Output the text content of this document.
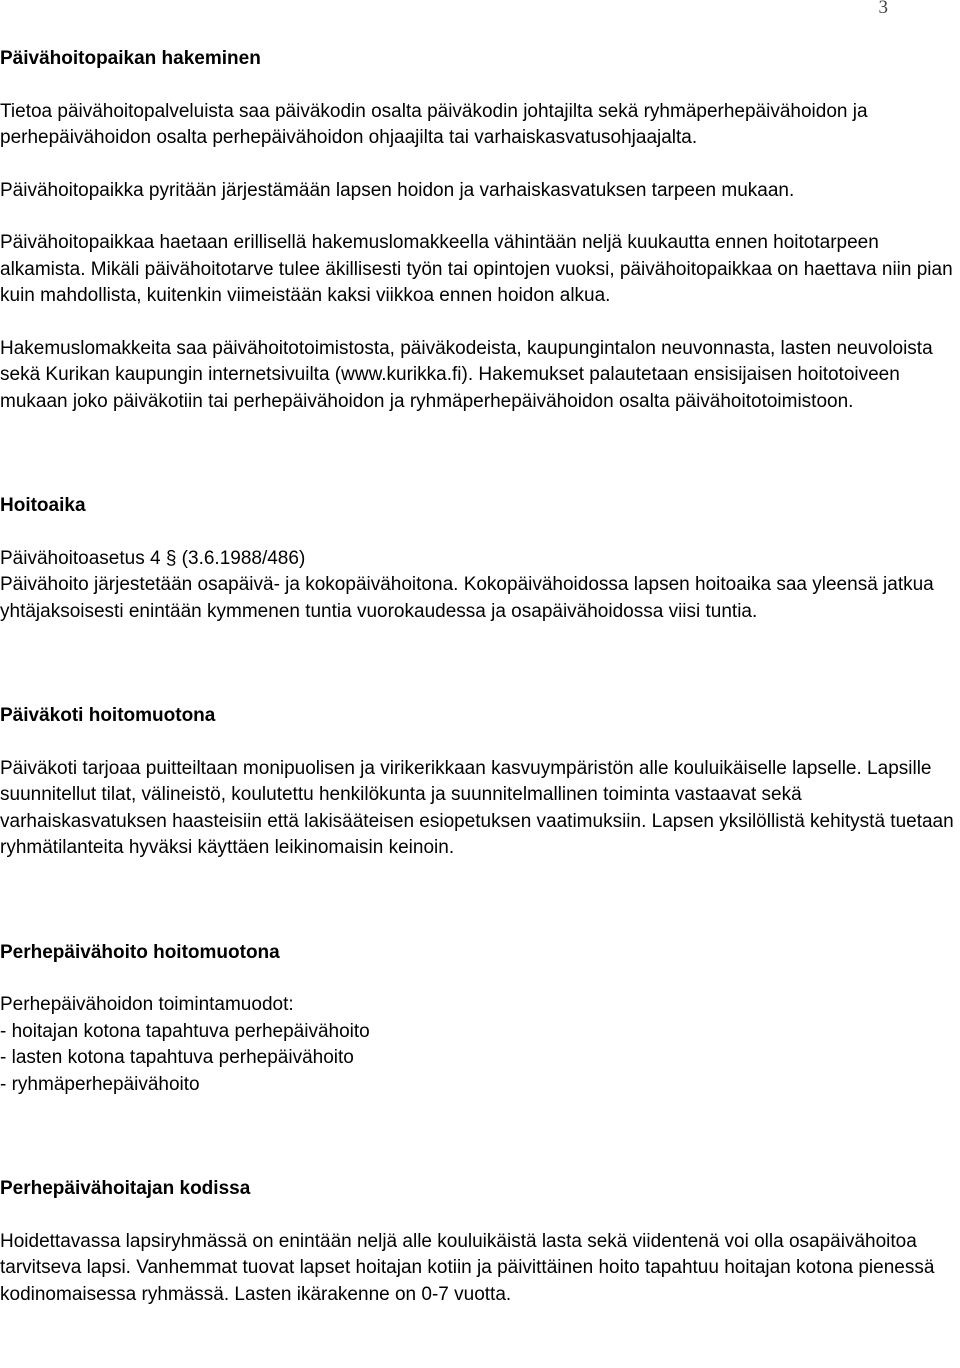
3
Päivähoitopaikan hakeminen

Tietoa päivähoitopalveluista saa päiväkodin osalta päiväkodin johtajilta sekä ryhmäperhepäivähoidon ja perhepäivähoidon osalta perhepäivähoidon ohjaajilta tai varhaiskasvatusohjaajalta.

Päivähoitopaikka pyritään järjestämään lapsen hoidon ja varhaiskasvatuksen tarpeen mukaan.

Päivähoitopaikkaa haetaan erillisellä hakemuslomakkeella vähintään neljä kuukautta ennen hoitotarpeen alkamista. Mikäli päivähoitotarve tulee äkillisesti työn tai opintojen vuoksi, päivähoitopaikkaa on haettava niin pian kuin mahdollista, kuitenkin viimeistään kaksi viikkoa ennen hoidon alkua.

Hakemuslomakkeita saa päivähoitotoimistosta, päiväkodeista, kaupungintalon neuvonnasta, lasten neuvoloista sekä Kurikan kaupungin internetsivuilta (www.kurikka.fi). Hakemukset palautetaan ensisijaisen hoitotoiveen mukaan joko päiväkotiin tai perhepäivähoidon ja ryhmäperhepäivähoidon osalta päivähoitotoimistoon.

Hoitoaika

Päivähoitoasetus 4 § (3.6.1988/486)
Päivähoito järjestetään osapäivä- ja kokopäivähoitona. Kokopäivähoidossa lapsen hoitoaika saa yleensä jatkua yhtäjaksoisesti enintään kymmenen tuntia vuorokaudessa ja osapäivähoidossa viisi tuntia.

Päiväkoti hoitomuotona

Päiväkoti tarjoaa puitteiltaan monipuolisen ja virikerikkaan kasvuympäristön alle kouluikäiselle lapselle. Lapsille suunnitellut tilat, välineistö, koulutettu henkilökunta ja suunnitelmallinen toiminta vastaavat sekä varhaiskasvatuksen haasteisiin että lakisääteisen esiopetuksen vaatimuksiin. Lapsen yksilöllistä kehitystä tuetaan ryhmätilanteita hyväksi käyttäen leikinomaisin keinoin.

Perhepäivähoito hoitomuotona

Perhepäivähoidon toimintamuodot:
- hoitajan kotona tapahtuva perhepäivähoito
- lasten kotona tapahtuva perhepäivähoito
- ryhmäperhepäivähoito

Perhepäivähoitajan kodissa

Hoidettavassa lapsiryhmässä on enintään neljä alle kouluikäistä lasta sekä viidentenä voi olla osapäivähoitoa tarvitseva lapsi. Vanhemmat tuovat lapset hoitajan kotiin ja päivittäinen hoito tapahtuu hoitajan kotona pienessä kodinomaisessa ryhmässä. Lasten ikärakenne on 0-7 vuotta.
